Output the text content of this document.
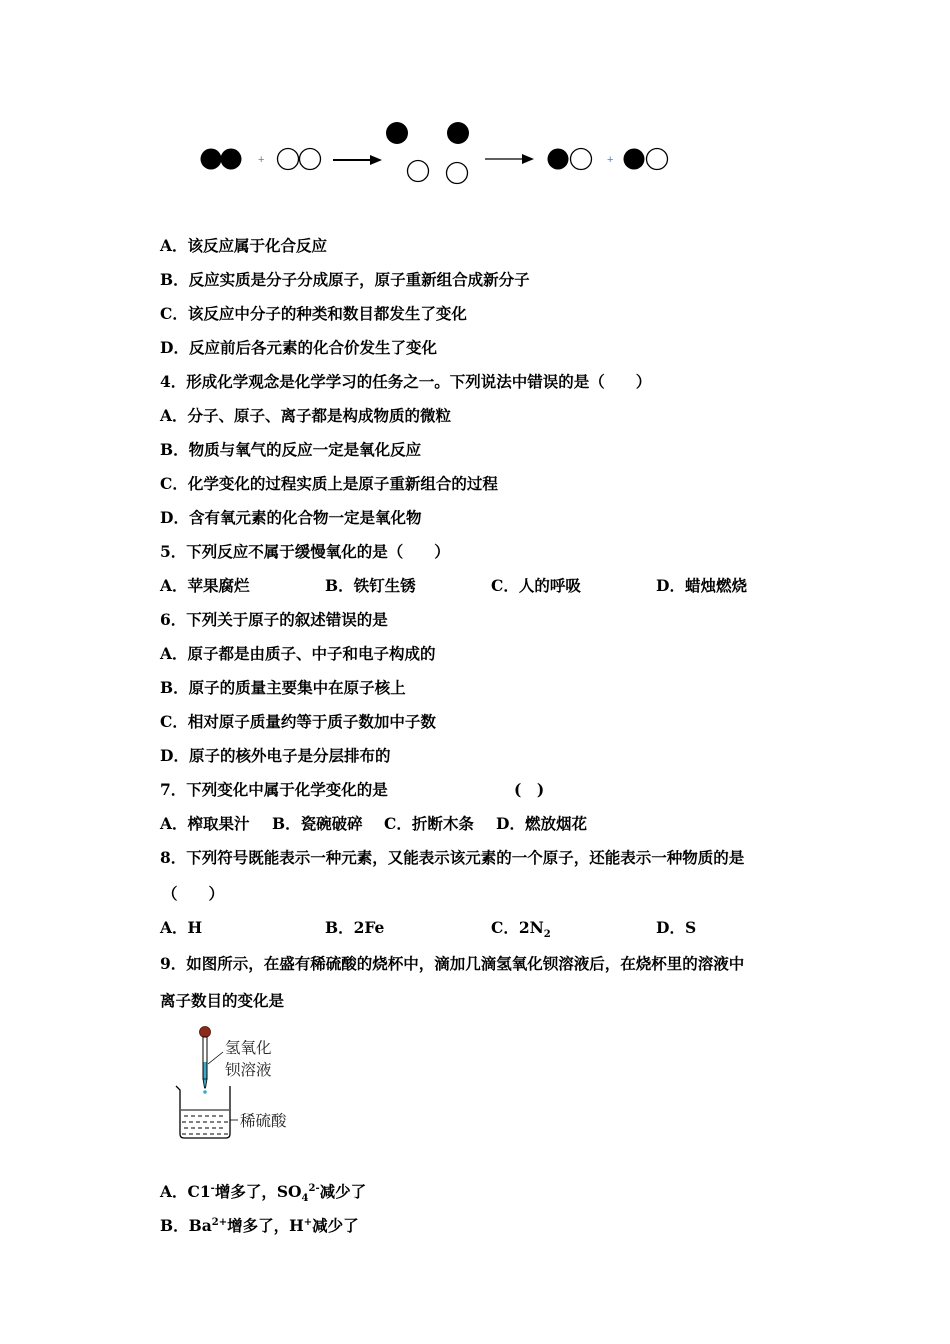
+	+
A．该反应属于化合反应
B．反应实质是分子分成原子，原子重新组合成新分子
C．该反应中分子的种类和数目都发生了变化
D．反应前后各元素的化合价发生了变化
4．形成化学观念是化学学习的任务之一。下列说法中错误的是（　　）
A．分子、原子、离子都是构成物质的微粒
B．物质与氧气的反应一定是氧化反应
C．化学变化的过程实质上是原子重新组合的过程
D．含有氧元素的化合物一定是氧化物
5．下列反应不属于缓慢氧化的是（　　）
A．苹果腐烂	B．铁钉生锈	C．人的呼吸	D．蜡烛燃烧
6．下列关于原子的叙述错误的是
A．原子都是由质子、中子和电子构成的
B．原子的质量主要集中在原子核上
C．相对原子质量约等于质子数加中子数
D．原子的核外电子是分层排布的
7．下列变化中属于化学变化的是	(　)
A．榨取果汁 B．瓷碗破碎 C．折断木条 D．燃放烟花
8．下列符号既能表示一种元素，又能表示该元素的一个原子，还能表示一种物质的是
（　　）
A．H	B．2Fe	C．$2N_2$	D．S
9．如图所示，在盛有稀硫酸的烧杯中，滴加几滴氢氧化钡溶液后，在烧杯里的溶液中
离子数目的变化是
氢氧化
钡溶液
稀硫酸
A．C1-增多了，$SO_4^{2-}$减少了
B．$Ba^{2+}$增多了，H+减少了
